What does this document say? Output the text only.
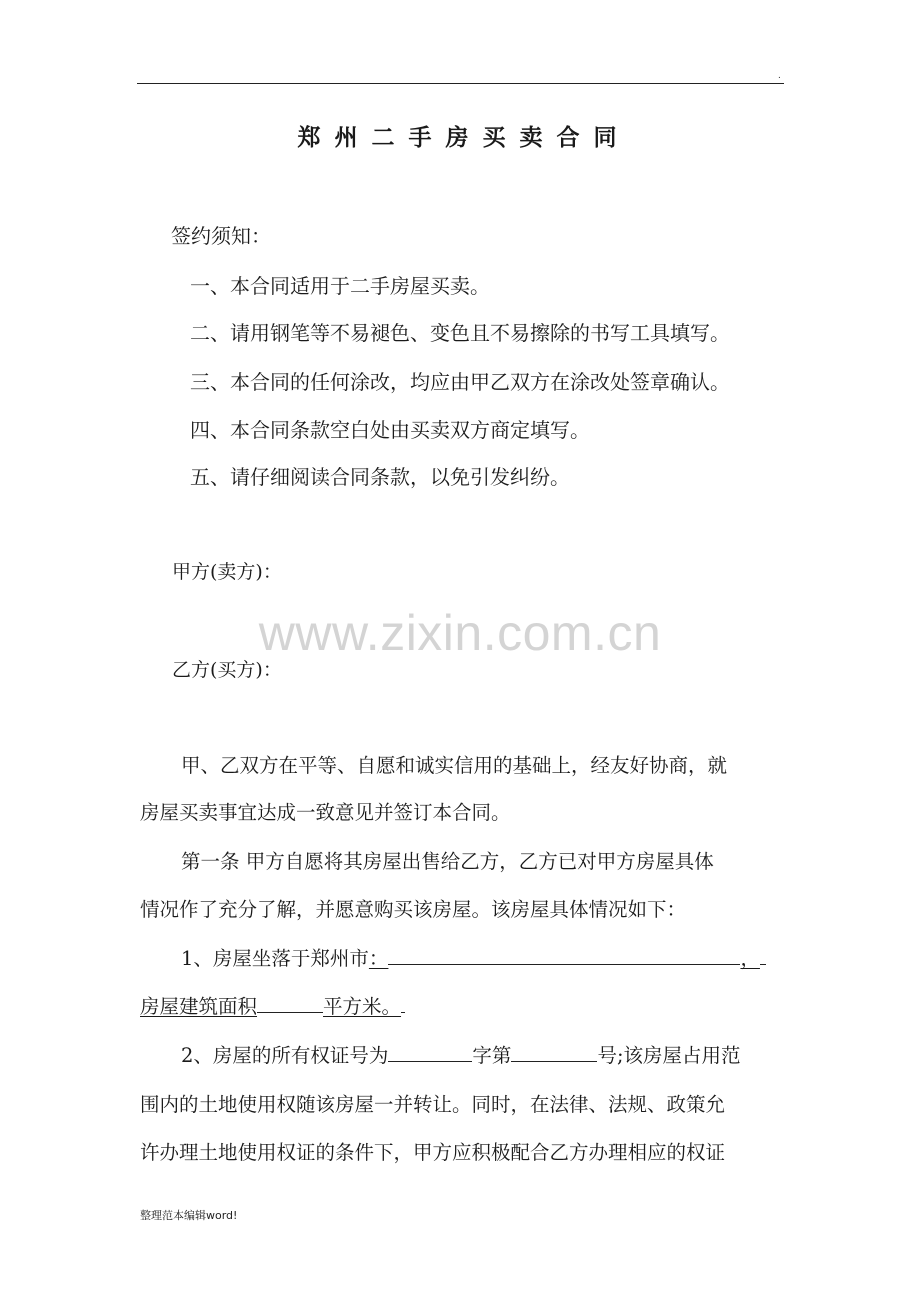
.
郑州二手房买卖合同
签约须知：
一、本合同适用于二手房屋买卖。
二、请用钢笔等不易褪色、变色且不易擦除的书写工具填写。
三、本合同的任何涂改，均应由甲乙双方在涂改处签章确认。
四、本合同条款空白处由买卖双方商定填写。
五、请仔细阅读合同条款，以免引发纠纷。
甲方(卖方)：
www.zixin.com.cn
乙方(买方)：
甲、乙双方在平等、自愿和诚实信用的基础上，经友好协商，就
房屋买卖事宜达成一致意见并签订本合同。
第一条 甲方自愿将其房屋出售给乙方，乙方已对甲方房屋具体
情况作了充分了解，并愿意购买该房屋。该房屋具体情况如下：
1、房屋坐落于郑州市：	，
房屋建筑面积	平方米。
2、房屋的所有权证号为	字第	号;该房屋占用范
围内的土地使用权随该房屋一并转让。同时，在法律、法规、政策允
许办理土地使用权证的条件下，甲方应积极配合乙方办理相应的权证
整理范本编辑word!
